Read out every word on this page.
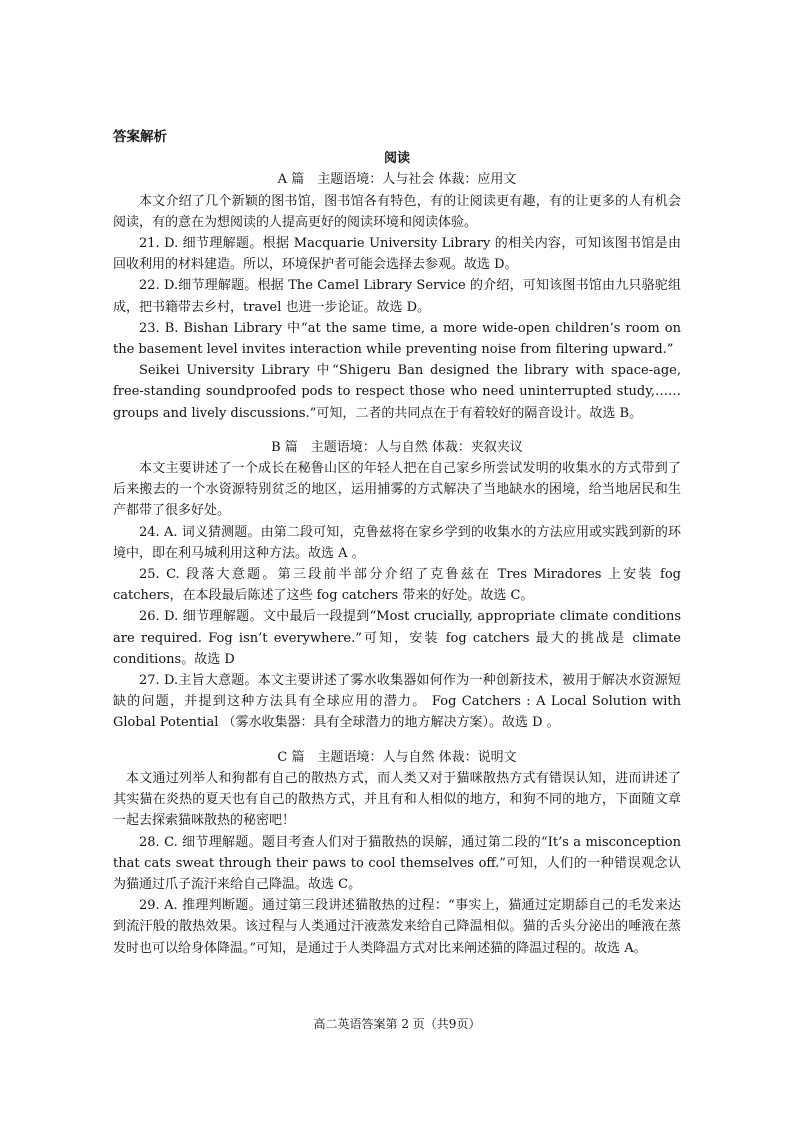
答案解析

阅读

A 篇　主题语境：人与社会 体裁：应用文

本文介绍了几个新颖的图书馆，图书馆各有特色，有的让阅读更有趣，有的让更多的人有机会阅读，有的意在为想阅读的人提高更好的阅读环境和阅读体验。

21. D. 细节理解题。根据 Macquarie University Library 的相关内容，可知该图书馆是由回收利用的材料建造。所以，环境保护者可能会选择去参观。故选 D。

22. D.细节理解题。根据 The Camel Library Service 的介绍，可知该图书馆由九只骆驼组成，把书籍带去乡村，travel 也进一步论证。故选 D。

23. B. Bishan Library 中“at the same time, a more wide-open children’s room on the basement level invites interaction while preventing noise from filtering upward.”

Seikei University Library 中“Shigeru Ban designed the library with space-age, free-standing soundproofed pods to respect those who need uninterrupted study,……groups and lively discussions.”可知，二者的共同点在于有着较好的隔音设计。故选 B。

B 篇　主题语境：人与自然 体裁：夹叙夹议

本文主要讲述了一个成长在秘鲁山区的年轻人把在自己家乡所尝试发明的收集水的方式带到了后来搬去的一个水资源特别贫乏的地区，运用捕雾的方式解决了当地缺水的困境，给当地居民和生产都带了很多好处。

24. A. 词义猜测题。由第二段可知，克鲁兹将在家乡学到的收集水的方法应用或实践到新的环境中，即在利马城利用这种方法。故选 A 。

25. C. 段落大意题。第三段前半部分介绍了克鲁兹在 Tres Miradores 上安装 fog catchers，在本段最后陈述了这些 fog catchers 带来的好处。故选 C。

26. D. 细节理解题。文中最后一段提到“Most crucially, appropriate climate conditions are required. Fog isn’t everywhere.”可知，安装 fog catchers 最大的挑战是 climate conditions。故选 D

27. D.主旨大意题。本文主要讲述了雾水收集器如何作为一种创新技术，被用于解决水资源短缺的问题，并提到这种方法具有全球应用的潜力。 Fog Catchers : A Local Solution with Global Potential （雾水收集器：具有全球潜力的地方解决方案）。故选 D 。

C 篇　主题语境：人与自然 体裁：说明文

本文通过列举人和狗都有自己的散热方式，而人类又对于猫咪散热方式有错误认知，进而讲述了其实猫在炎热的夏天也有自己的散热方式，并且有和人相似的地方，和狗不同的地方，下面随文章一起去探索猫咪散热的秘密吧！

28. C. 细节理解题。题目考查人们对于猫散热的误解，通过第二段的“It’s a misconception that cats sweat through their paws to cool themselves off.”可知，人们的一种错误观念认为猫通过爪子流汗来给自己降温。故选 C。

29. A. 推理判断题。通过第三段讲述猫散热的过程：“事实上，猫通过定期舔自己的毛发来达到流汗般的散热效果。该过程与人类通过汗液蒸发来给自己降温相似。猫的舌头分泌出的唾液在蒸发时也可以给身体降温。”可知，是通过于人类降温方式对比来阐述猫的降温过程的。故选 A。

高二英语答案第 2 页（共9页）
